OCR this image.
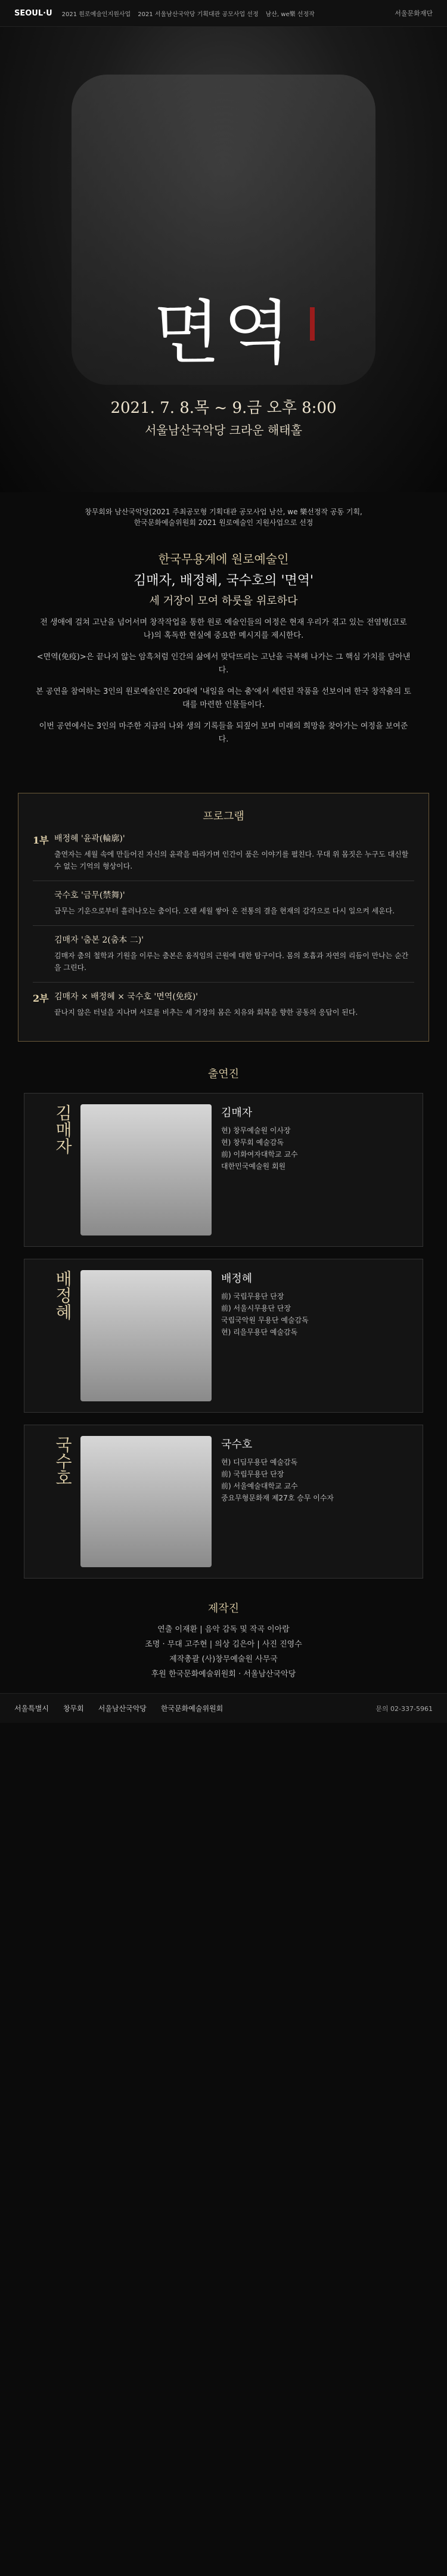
SEOUL·U 2021 원로예술인지원사업 2021 서울남산국악당 기획대관 공모사업 선정 남산, we樂 선정작	서울문화재단
면역
2021. 7. 8.목 ~ 9.금 오후 8:00
서울남산국악당 크라운 해태홀
창무회와 남산국악당(2021 주최공모형 기획대관 공모사업 남산, we 樂선정작 공동 기획,
한국문화예술위원회 2021 원로예술인 지원사업으로 선정
한국무용계에 원로예술인
김매자, 배정혜, 국수호의 '면역'
세 거장이 모여 하룻을 위로하다
전 생애에 걸쳐 고난을 넘어서며 창작작업을 통한 원로 예술인들의 여정은 현재 우리가 겪고 있는 전염병(코로나)의 혹독한 현실에 중요한 메시지를 제시한다.
<면역(免疫)>은 끝나지 않는 암흑처럼 인간의 삶에서 맞닥뜨리는 고난을 극복해 나가는 그 핵심 가치를 담아낸다.
본 공연을 참여하는 3인의 원로예술인은 20대에 '내일을 여는 춤'에서 세련된 작품을 선보이며 한국 창작춤의 토대를 마련한 인물들이다.
이번 공연에서는 3인의 마주한 지금의 나와 생의 기록들을 되짚어 보며 미래의 희망을 찾아가는 여정을 보여준다.
프로그램
1부 배정혜 '윤곽(輪廓)'
출연자는 세월 속에 만들어진 자신의 윤곽을 따라가며 인간이 품은 이야기를 펼친다. 무대 위 몸짓은 누구도 대신할 수 없는 기억의 형상이다.
국수호 '금무(禁舞)'
금무는 기운으로부터 흘러나오는 춤이다. 오랜 세월 쌓아 온 전통의 결을 현재의 감각으로 다시 일으켜 세운다.
김매자 '춤본 2(춤本 二)'
김매자 춤의 철학과 기원을 이루는 춤본은 움직임의 근원에 대한 탐구이다. 몸의 호흡과 자연의 리듬이 만나는 순간을 그린다.
2부 김매자 × 배정혜 × 국수호 '면역(免疫)'
끝나지 않은 터널을 지나며 서로를 비추는 세 거장의 몸은 치유와 회복을 향한 공동의 응답이 된다.
출연진
김매자	김매자
현) 창무예술원 이사장
현) 창무회 예술감독
前) 이화여자대학교 교수
대한민국예술원 회원
배정혜	배정혜
前) 국립무용단 단장
前) 서울시무용단 단장
국립국악원 무용단 예술감독
현) 리을무용단 예술감독
국수호	국수호
현) 디딤무용단 예술감독
前) 국립무용단 단장
前) 서울예술대학교 교수
중요무형문화재 제27호 승무 이수자
제작진
연출 이재환 | 음악 감독 및 작곡 이아람
조명 · 무대 고주현 | 의상 김은아 | 사진 진영수
제작총괄 (사)창무예술원 사무국
후원 한국문화예술위원회 · 서울남산국악당
서울특별시 창무회 서울남산국악당 한국문화예술위원회	문의 02-337-5961
